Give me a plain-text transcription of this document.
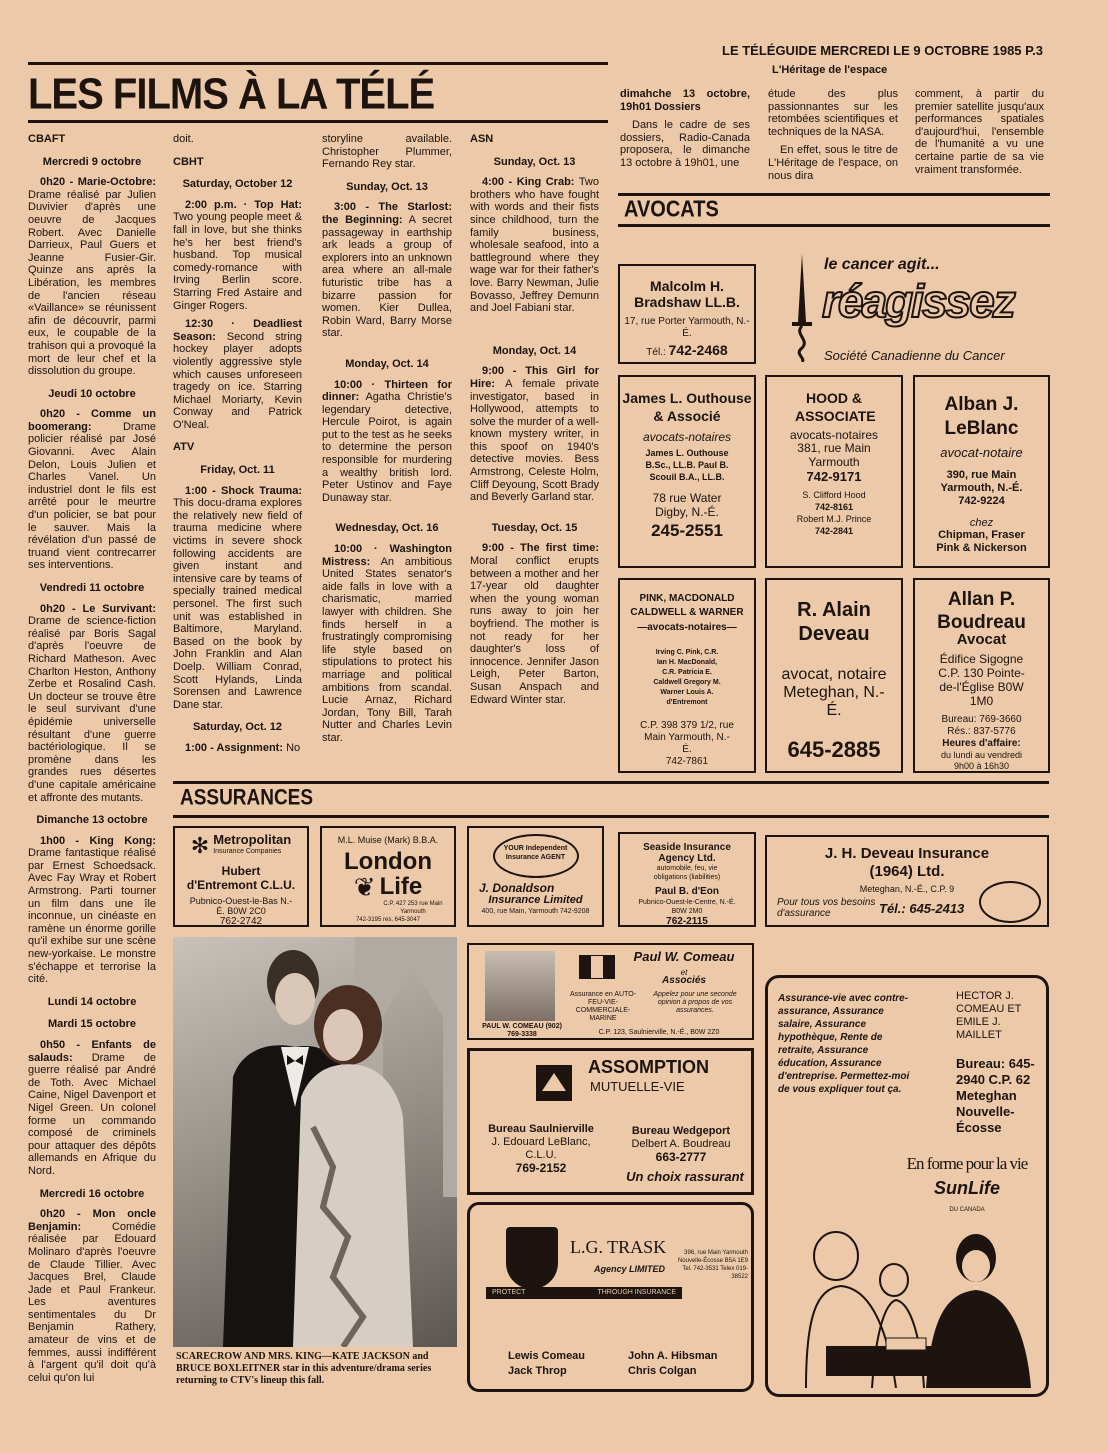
LE TÉLÉGUIDE MERCREDI LE 9 OCTOBRE 1985 P.3
LES FILMS À LA TÉLÉ
CBAFT
Mercredi 9 octobre

0h20 - Marie-Octobre: Drame réalisé par Julien Duvivier d'après une oeuvre de Jacques Robert. Avec Danielle Darrieux, Paul Guers et Jeanne Fusier-Gir. Quinze ans après la Libération, les membres de l'ancien réseau «Vaillance» se réunissent afin de découvrir, parmi eux, le coupable de la trahison qui a provoqué la mort de leur chef et la dissolution du groupe.

Jeudi 10 octobre

0h20 - Comme un boomerang:	Drame policier réalisé par José Giovanni. Avec Alain Delon, Louis Julien et Charles Vanel. Un industriel dont le fils est arrêté pour le meurtre d'un policier, se bat pour le sauver. Mais la révélation d'un passé de truand vient contrecarrer ses interventions.

Vendredi 11 octobre

0h20 - Le Survivant: Drame de science-fiction réalisé par Boris Sagal d'après l'oeuvre de Richard Matheson. Avec Charlton Heston, Anthony Zerbe et Rosalind Cash. Un docteur se trouve être le seul survivant d'une épidémie universelle résultant d'une guerre bactériologique. Il se promène dans les grandes rues désertes d'une capitale américaine et affronte des mutants.

Dimanche 13 octobre

1h00 - King Kong: Drame fantastique réalisé par Ernest Schoedsack. Avec Fay Wray et Robert Armstrong. Parti tourner un film dans une île inconnue, un cinéaste en ramène un énorme gorille qu'il exhibe sur une scène new-yorkaise. Le monstre s'échappe et terrorise la cité.

Lundi 14 octobre
Mardi 15 octobre

0h50 - Enfants de salauds: Drame de guerre réalisé par André de Toth. Avec Michael Caine, Nigel Davenport et Nigel Green. Un colonel forme un commando composé de criminels pour attaquer des dépôts allemands en Afrique du Nord.

Mercredi 16 octobre

0h20 - Mon oncle Benjamin:	Comédie réalisée par Edouard Molinaro d'après l'oeuvre de Claude Tillier. Avec Jacques Brel, Claude Jade et Paul Frankeur. Les aventures sentimentales du Dr Benjamin Rathery, amateur de vins et de femmes, aussi indifférent à l'argent qu'il doit qu'à celui qu'on lui

doit.
CBHT
Saturday, October 12

2:00 p.m. · Top Hat: Two young people meet & fall in love, but she thinks he's her best friend's husband. Top musical comedy-romance with Irving Berlin score. Starring Fred Astaire and Ginger Rogers.

12:30 · Deadliest Season: Second string hockey player adopts violently aggressive style which causes unforeseen tragedy on ice. Starring Michael Moriarty, Kevin Conway and Patrick O'Neal.

ATV
Friday, Oct. 11

1:00 - Shock Trauma: This docu-drama explores the relatively new field of trauma medicine where victims in severe shock following accidents are given instant and intensive care by teams of specially trained medical personel. The first such unit was established in Baltimore, Maryland. Based on the book by John Franklin and Alan Doelp. William Conrad, Scott Hylands, Linda Sorensen and Lawrence Dane star.

Saturday, Oct. 12

1:00 - Assignment: No

storyline available. Christopher Plummer, Fernando Rey star.
Sunday, Oct. 13

3:00 - The Starlost: the Beginning: A secret passageway in earthship ark leads a group of explorers into an unknown area where an all-male futuristic tribe has a bizarre passion for women. Kier Dullea, Robin Ward, Barry Morse star.

Monday, Oct. 14

10:00 · Thirteen for dinner: Agatha Christie's legendary detective, Hercule Poirot, is again put to the test as he seeks to determine the person responsible for murdering a wealthy british lord. Peter Ustinov and Faye Dunaway star.

Wednesday, Oct. 16

10:00 · Washington Mistress: An ambitious United States senator's aide falls in love with a charismatic, married lawyer with children. She finds herself in a frustratingly compromising life style based on stipulations to protect his marriage and political ambitions from scandal. Lucie Arnaz, Richard Jordan, Tony Bill, Tarah Nutter and Charles Levin star.

ASN
Sunday, Oct. 13

4:00 - King Crab: Two brothers who have fought with words and their fists since childhood, turn the family business, wholesale seafood, into a battleground where they wage war for their father's love. Barry Newman, Julie Bovasso, Jeffrey Demunn and Joel Fabiani star.

Monday, Oct. 14

9:00 - This Girl for Hire: A female private investigator, based in Hollywood, attempts to solve the murder of a well-known mystery writer, in this spoof on 1940's detective movies. Bess Armstrong, Celeste Holm, Cliff Deyoung, Scott Brady and Beverly Garland star.

Tuesday, Oct. 15

9:00 - The first time: Moral conflict erupts between a mother and her 17-year old daughter when the young woman runs away to join her boyfriend. The mother is not ready for her daughter's loss of innocence. Jennifer Jason Leigh, Peter Barton, Susan Anspach and Edward Winter star.

L'Héritage de l'espace
dimahche 13 octobre, 19h01 Dossiers

Dans le cadre de ses dossiers, Radio-Canada proposera, le dimanche 13 octobre à 19h01, une

étude des plus passionnantes sur les retombées scientifiques et techniques de la NASA.

En effet, sous le titre de L'Héritage de l'espace, on nous dira

comment, à partir du premier satellite jusqu'aux performances spatiales d'aujourd'hui, l'ensemble de l'humanité a vu une certaine partie de sa vie vraiment transformée.
AVOCATS
Malcolm H. Bradshaw LL.B.
17, rue Porter Yarmouth, N.-É.
Tél.: 742-2468
le cancer agit...
réagissez
Société Canadienne du Cancer
James L. Outhouse & Associé
avocats-notaires
James L. Outhouse B.Sc., LL.B. Paul B. Scouil B.A., LL.B.
78 rue Water Digby, N.-É.
245-2551
HOOD & ASSOCIATE
avocats-notaires
381, rue Main Yarmouth
742-9171
S. Clifford Hood
742-8161
Robert M.J. Prince
742-2841
Alban J. LeBlanc
avocat-notaire
390, rue Main Yarmouth, N.-É.
742-9224
chez
Chipman, Fraser Pink & Nickerson
PINK, MACDONALD CALDWELL & WARNER
—avocats-notaires—
Irving C. Pink, C.R. Ian H. MacDonald, C.R. Patricia E. Caldwell Gregory M. Warner Louis A. d'Entremont
C.P. 398 379 1/2, rue Main Yarmouth, N.-É.
742-7861
R. Alain Deveau
avocat, notaire Meteghan, N.-É.
645-2885
Allan P. Boudreau
Avocat
Édifice Sigogne C.P. 130 Pointe-de-l'Église B0W 1M0
Bureau: 769-3660
Rés.: 837-5776
Heures d'affaire:
du lundi au vendredi 9h00 à 16h30
ASSURANCES
✻ Metropolitan
Insurance Companies
Hubert d'Entremont C.L.U.
Pubnico-Ouest-le-Bas N.-É. B0W 2C0
762-2742
M.L. Muise (Mark) B.B.A.
London
❦ Life
C.P. 427 253 rue Main Yarmouth
742-3195 res. 645-3047
YOUR Independent Insurance AGENT
J. Donaldson
Insurance Limited
400, rue Main, Yarmouth 742-9208
Seaside Insurance Agency Ltd.
automobile, feu, vie obligations (liabilities)
Paul B. d'Eon
Pubnico-Ouest-le-Centre, N.-É. B0W 2M0
762-2115
J. H. Deveau Insurance (1964) Ltd.
Meteghan, N.-É., C.P. 9
Pour tous vos besoins d'assurance	Tél.: 645-2413
SCARECROW AND MRS. KING—KATE JACKSON and BRUCE BOXLEITNER star in this adventure/drama series returning to CTV's lineup this fall.
PAUL W. COMEAU (902) 769-3338
Paul W. Comeau
et
Associés
Assurance en AUTO-FEU-VIE-COMMERCIALE-MARINE
Appelez pour une seconde opinion à propos de vos assurances.
C.P. 123, Saulnierville, N.-É., B0W 2Z0
ASSOMPTION
MUTUELLE-VIE
Bureau Saulnierville
J. Edouard LeBlanc, C.L.U.
769-2152
Bureau Wedgeport
Delbert A. Boudreau
663-2777
Un choix rassurant
L.G. TRASK
Agency LIMITED
396, rue Main Yarmouth Nouvelle-Écosse B5A 1E9 Tel. 742-3531 Telex 019-38522
PROTECT	THROUGH INSURANCE
Lewis Comeau
Jack Throp
John A. Hibsman
Chris Colgan
Assurance-vie avec contre-assurance, Assurance salaire, Assurance hypothèque, Rente de retraite, Assurance éducation, Assurance d'entreprise. Permettez-moi de vous expliquer tout ça.
HECTOR J. COMEAU ET EMILE J. MAILLET
Bureau: 645-2940 C.P. 62 Meteghan Nouvelle-Écosse
En forme pour la vie
SunLife
DU CANADA
